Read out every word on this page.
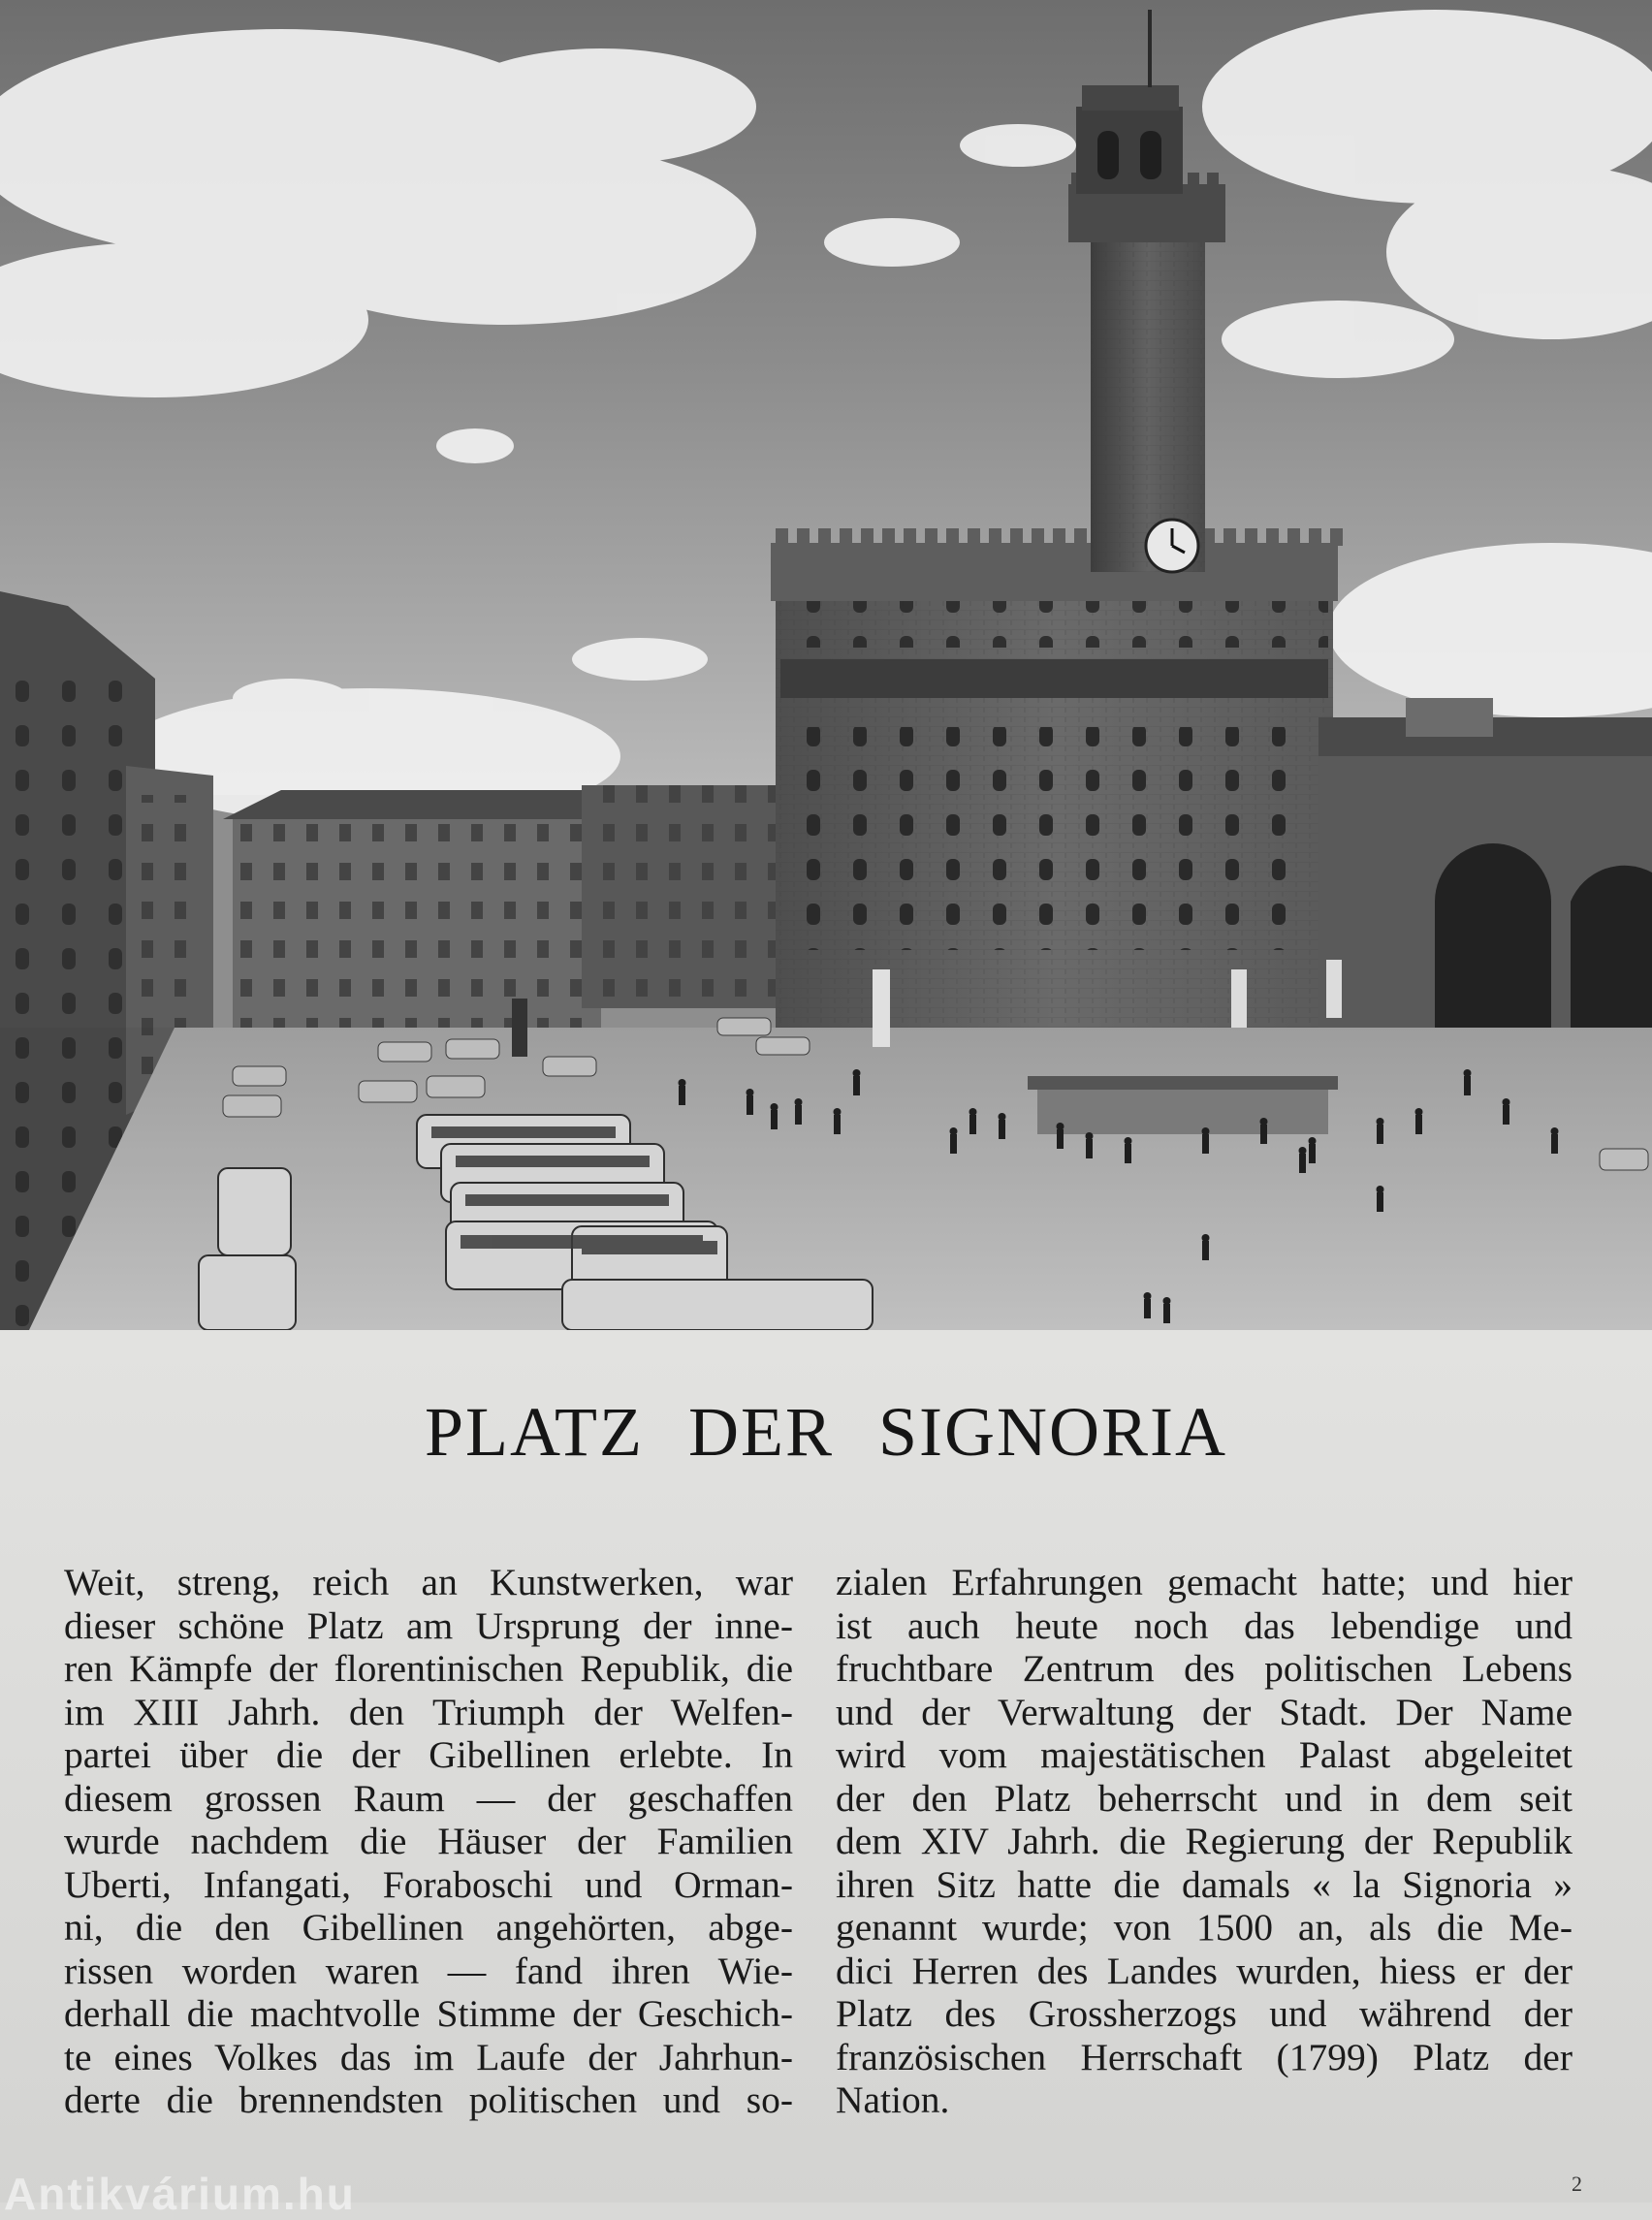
PLATZ DER SIGNORIA
Weit, streng, reich an Kunstwerken, war
dieser schöne Platz am Ursprung der inne-
ren Kämpfe der florentinischen Republik, die
im XIII Jahrh. den Triumph der Welfen-
partei über die der Gibellinen erlebte. In
diesem grossen Raum — der geschaffen
wurde nachdem die Häuser der Familien
Uberti, Infangati, Foraboschi und Orman-
ni, die den Gibellinen angehörten, abge-
rissen worden waren — fand ihren Wie-
derhall die machtvolle Stimme der Geschich-
te eines Volkes das im Laufe der Jahrhun-
derte die brennendsten politischen und so-
zialen Erfahrungen gemacht hatte; und hier
ist auch heute noch das lebendige und
fruchtbare Zentrum des politischen Lebens
und der Verwaltung der Stadt. Der Name
wird vom majestätischen Palast abgeleitet
der den Platz beherrscht und in dem seit
dem XIV Jahrh. die Regierung der Republik
ihren Sitz hatte die damals « la Signoria »
genannt wurde; von 1500 an, als die Me-
dici Herren des Landes wurden, hiess er der
Platz des Grossherzogs und während der
französischen Herrschaft (1799) Platz der
Nation.
Antikvárium.hu	2
